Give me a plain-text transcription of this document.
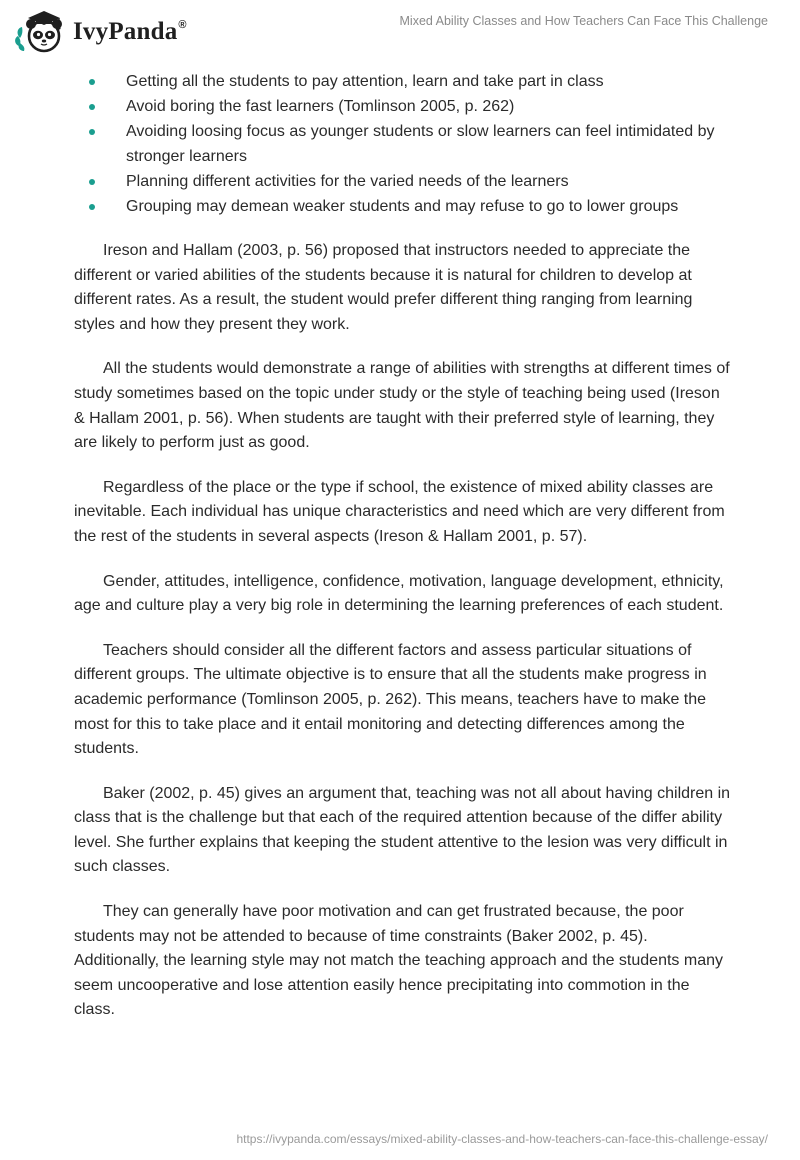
IvyPanda®	Mixed Ability Classes and How Teachers Can Face This Challenge
Getting all the students to pay attention, learn and take part in class
Avoid boring the fast learners (Tomlinson 2005, p. 262)
Avoiding loosing focus as younger students or slow learners can feel intimidated by stronger learners
Planning different activities for the varied needs of the learners
Grouping may demean weaker students and may refuse to go to lower groups

Ireson and Hallam (2003, p. 56) proposed that instructors needed to appreciate the different or varied abilities of the students because it is natural for children to develop at different rates. As a result, the student would prefer different thing ranging from learning styles and how they present they work.

All the students would demonstrate a range of abilities with strengths at different times of study sometimes based on the topic under study or the style of teaching being used (Ireson & Hallam 2001, p. 56). When students are taught with their preferred style of learning, they are likely to perform just as good.

Regardless of the place or the type if school, the existence of mixed ability classes are inevitable. Each individual has unique characteristics and need which are very different from the rest of the students in several aspects (Ireson & Hallam 2001, p. 57).

Gender, attitudes, intelligence, confidence, motivation, language development, ethnicity, age and culture play a very big role in determining the learning preferences of each student.

Teachers should consider all the different factors and assess particular situations of different groups. The ultimate objective is to ensure that all the students make progress in academic performance (Tomlinson 2005, p. 262). This means, teachers have to make the most for this to take place and it entail monitoring and detecting differences among the students.

Baker (2002, p. 45) gives an argument that, teaching was not all about having children in class that is the challenge but that each of the required attention because of the differ ability level. She further explains that keeping the student attentive to the lesion was very difficult in such classes.

They can generally have poor motivation and can get frustrated because, the poor students may not be attended to because of time constraints (Baker 2002, p. 45). Additionally, the learning style may not match the teaching approach and the students many seem uncooperative and lose attention easily hence precipitating into commotion in the class.

https://ivypanda.com/essays/mixed-ability-classes-and-how-teachers-can-face-this-challenge-essay/
